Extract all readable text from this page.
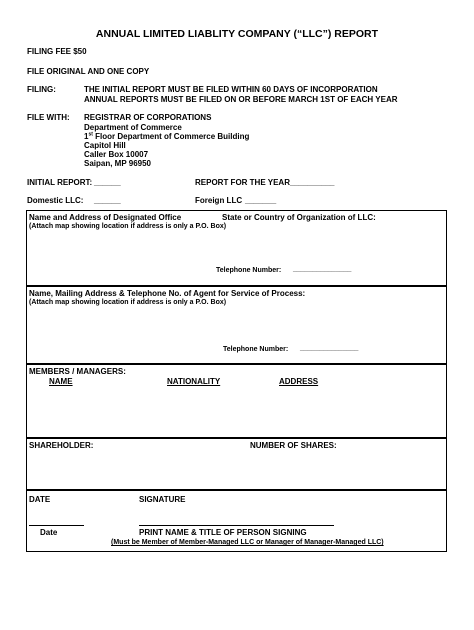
ANNUAL LIMITED LIABLITY COMPANY (“LLC”) REPORT
FILING FEE $50
FILE ORIGINAL AND ONE COPY
FILING:	THE INITIAL REPORT MUST BE FILED WITHIN 60 DAYS OF INCORPORATION
ANNUAL REPORTS MUST BE FILED ON OR BEFORE MARCH 1ST OF EACH YEAR
FILE WITH: REGISTRAR OF CORPORATIONS
Department of Commerce
1st Floor Department of Commerce Building
Capitol Hill
Caller Box 10007
Saipan, MP 96950
INITIAL REPORT: ______	REPORT FOR THE YEAR __________
Domestic LLC: ______	Foreign LLC _______
Name and Address of Designated Office	State or Country of Organization of LLC:
(Attach map showing location if address is only a P.O. Box)
Telephone Number: _______________
Name, Mailing Address & Telephone No. of Agent for Service of Process:
(Attach map showing location if address is only a P.O. Box)
Telephone Number: _______________
MEMBERS / MANAGERS:
NAME	NATIONALITY	ADDRESS
SHAREHOLDER:	NUMBER OF SHARES:
DATE	SIGNATURE
Date	PRINT NAME & TITLE OF PERSON SIGNING
(Must be Member of Member-Managed LLC or Manager of Manager-Managed LLC)
